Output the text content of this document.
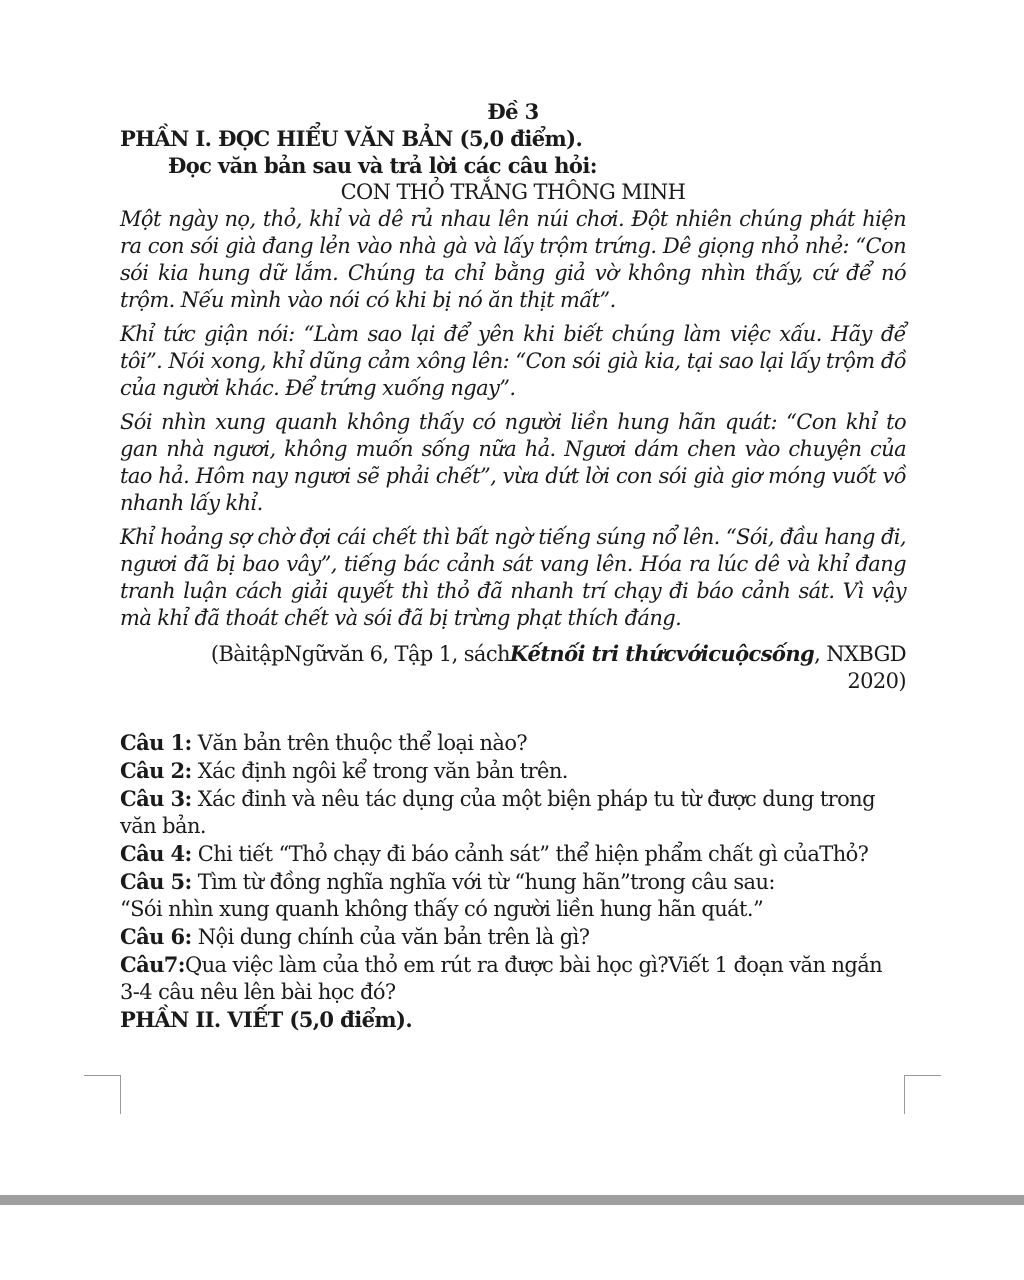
Đề 3
PHẦN I. ĐỌC HIỂU VĂN BẢN (5,0 điểm).
Đọc văn bản sau và trả lời các câu hỏi:
CON THỎ TRẮNG THÔNG MINH
Một ngày nọ, thỏ, khỉ và dê rủ nhau lên núi chơi. Đột nhiên chúng phát hiện ra con sói già đang lẻn vào nhà gà và lấy trộm trứng. Dê giọng nhỏ nhẻ: “Con sói kia hung dữ lắm. Chúng ta chỉ bằng giả vờ không nhìn thấy, cứ để nó trộm. Nếu mình vào nói có khi bị nó ăn thịt mất”.
Khỉ tức giận nói: “Làm sao lại để yên khi biết chúng làm việc xấu. Hãy để tôi”. Nói xong, khỉ dũng cảm xông lên: “Con sói già kia, tại sao lại lấy trộm đồ của người khác. Để trứng xuống ngay”.
Sói nhìn xung quanh không thấy có người liền hung hãn quát: “Con khỉ to gan nhà ngươi, không muốn sống nữa hả. Ngươi dám chen vào chuyện của tao hả. Hôm nay ngươi sẽ phải chết”, vừa dứt lời con sói già giơ móng vuốt vồ nhanh lấy khỉ.
Khỉ hoảng sợ chờ đợi cái chết thì bất ngờ tiếng súng nổ lên. “Sói, đầu hang đi, ngươi đã bị bao vây”, tiếng bác cảnh sát vang lên. Hóa ra lúc dê và khỉ đang tranh luận cách giải quyết thì thỏ đã nhanh trí chạy đi báo cảnh sát. Vì vậy mà khỉ đã thoát chết và sói đã bị trừng phạt thích đáng.
(BàitậpNgữvăn 6, Tập 1, sáchKếtnối tri thứcvớicuộcsống, NXBGD
2020)

Câu 1: Văn bản trên thuộc thể loại nào?

Câu 2: Xác định ngôi kể trong văn bản trên.

Câu 3: Xác đinh và nêu tác dụng của một biện pháp tu từ được dung trong văn bản.

Câu 4: Chi tiết “Thỏ chạy đi báo cảnh sát” thể hiện phẩm chất gì củaThỏ?

Câu 5: Tìm từ đồng nghĩa nghĩa với từ “hung hãn”trong câu sau:

“Sói nhìn xung quanh không thấy có người liền hung hãn quát.”

Câu 6: Nội dung chính của văn bản trên là gì?

Câu7:Qua việc làm của thỏ em rút ra được bài học gì?Viết 1 đoạn văn ngắn 3-4 câu nêu lên bài học đó?

PHẦN II. VIẾT (5,0 điểm).
